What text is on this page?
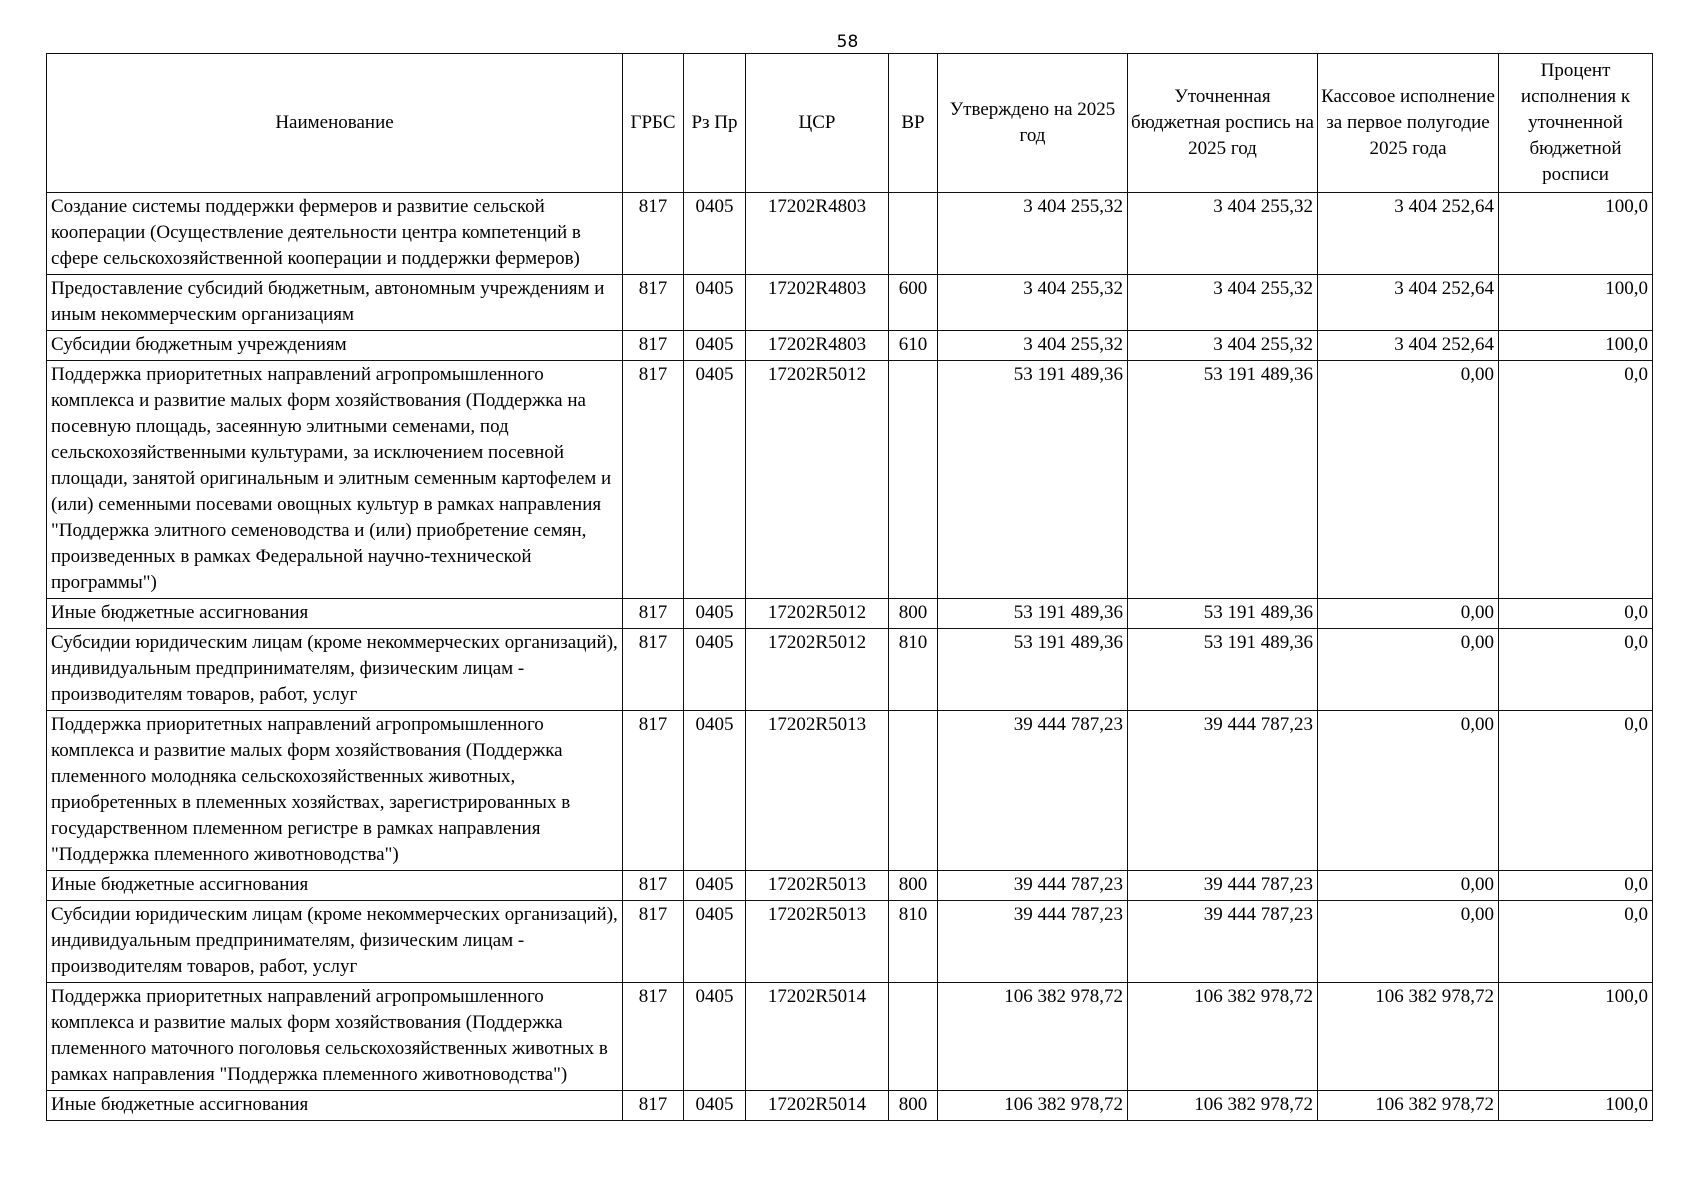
58
Наименование	ГРБС	Рз Пр	ЦСР	ВР	Утверждено на 2025 год	Уточненная бюджетная роспись на 2025 год	Кассовое исполнение за первое полугодие 2025 года	Процент исполнения к уточненной бюджетной росписи
Создание системы поддержки фермеров и развитие сельской кооперации (Осуществление деятельности центра компетенций в сфере сельскохозяйственной кооперации и поддержки фермеров)	817	0405	17202R4803		3 404 255,32	3 404 255,32	3 404 252,64	100,0
Предоставление субсидий бюджетным, автономным учреждениям и иным некоммерческим организациям	817	0405	17202R4803	600	3 404 255,32	3 404 255,32	3 404 252,64	100,0
Субсидии бюджетным учреждениям	817	0405	17202R4803	610	3 404 255,32	3 404 255,32	3 404 252,64	100,0
Поддержка приоритетных направлений агропромышленного комплекса и развитие малых форм хозяйствования (Поддержка на посевную площадь, засеянную элитными семенами, под сельскохозяйственными культурами, за исключением посевной площади, занятой оригинальным и элитным семенным картофелем и (или) семенными посевами овощных культур в рамках направления "Поддержка элитного семеноводства и (или) приобретение семян, произведенных в рамках Федеральной научно-технической программы")	817	0405	17202R5012		53 191 489,36	53 191 489,36	0,00	0,0
Иные бюджетные ассигнования	817	0405	17202R5012	800	53 191 489,36	53 191 489,36	0,00	0,0
Субсидии юридическим лицам (кроме некоммерческих организаций), индивидуальным предпринимателям, физическим лицам - производителям товаров, работ, услуг	817	0405	17202R5012	810	53 191 489,36	53 191 489,36	0,00	0,0
Поддержка приоритетных направлений агропромышленного комплекса и развитие малых форм хозяйствования (Поддержка племенного молодняка сельскохозяйственных животных, приобретенных в племенных хозяйствах, зарегистрированных в государственном племенном регистре в рамках направления "Поддержка племенного животноводства")	817	0405	17202R5013		39 444 787,23	39 444 787,23	0,00	0,0
Иные бюджетные ассигнования	817	0405	17202R5013	800	39 444 787,23	39 444 787,23	0,00	0,0
Субсидии юридическим лицам (кроме некоммерческих организаций), индивидуальным предпринимателям, физическим лицам - производителям товаров, работ, услуг	817	0405	17202R5013	810	39 444 787,23	39 444 787,23	0,00	0,0
Поддержка приоритетных направлений агропромышленного комплекса и развитие малых форм хозяйствования (Поддержка племенного маточного поголовья сельскохозяйственных животных в рамках направления "Поддержка племенного животноводства")	817	0405	17202R5014		106 382 978,72	106 382 978,72	106 382 978,72	100,0
Иные бюджетные ассигнования	817	0405	17202R5014	800	106 382 978,72	106 382 978,72	106 382 978,72	100,0
